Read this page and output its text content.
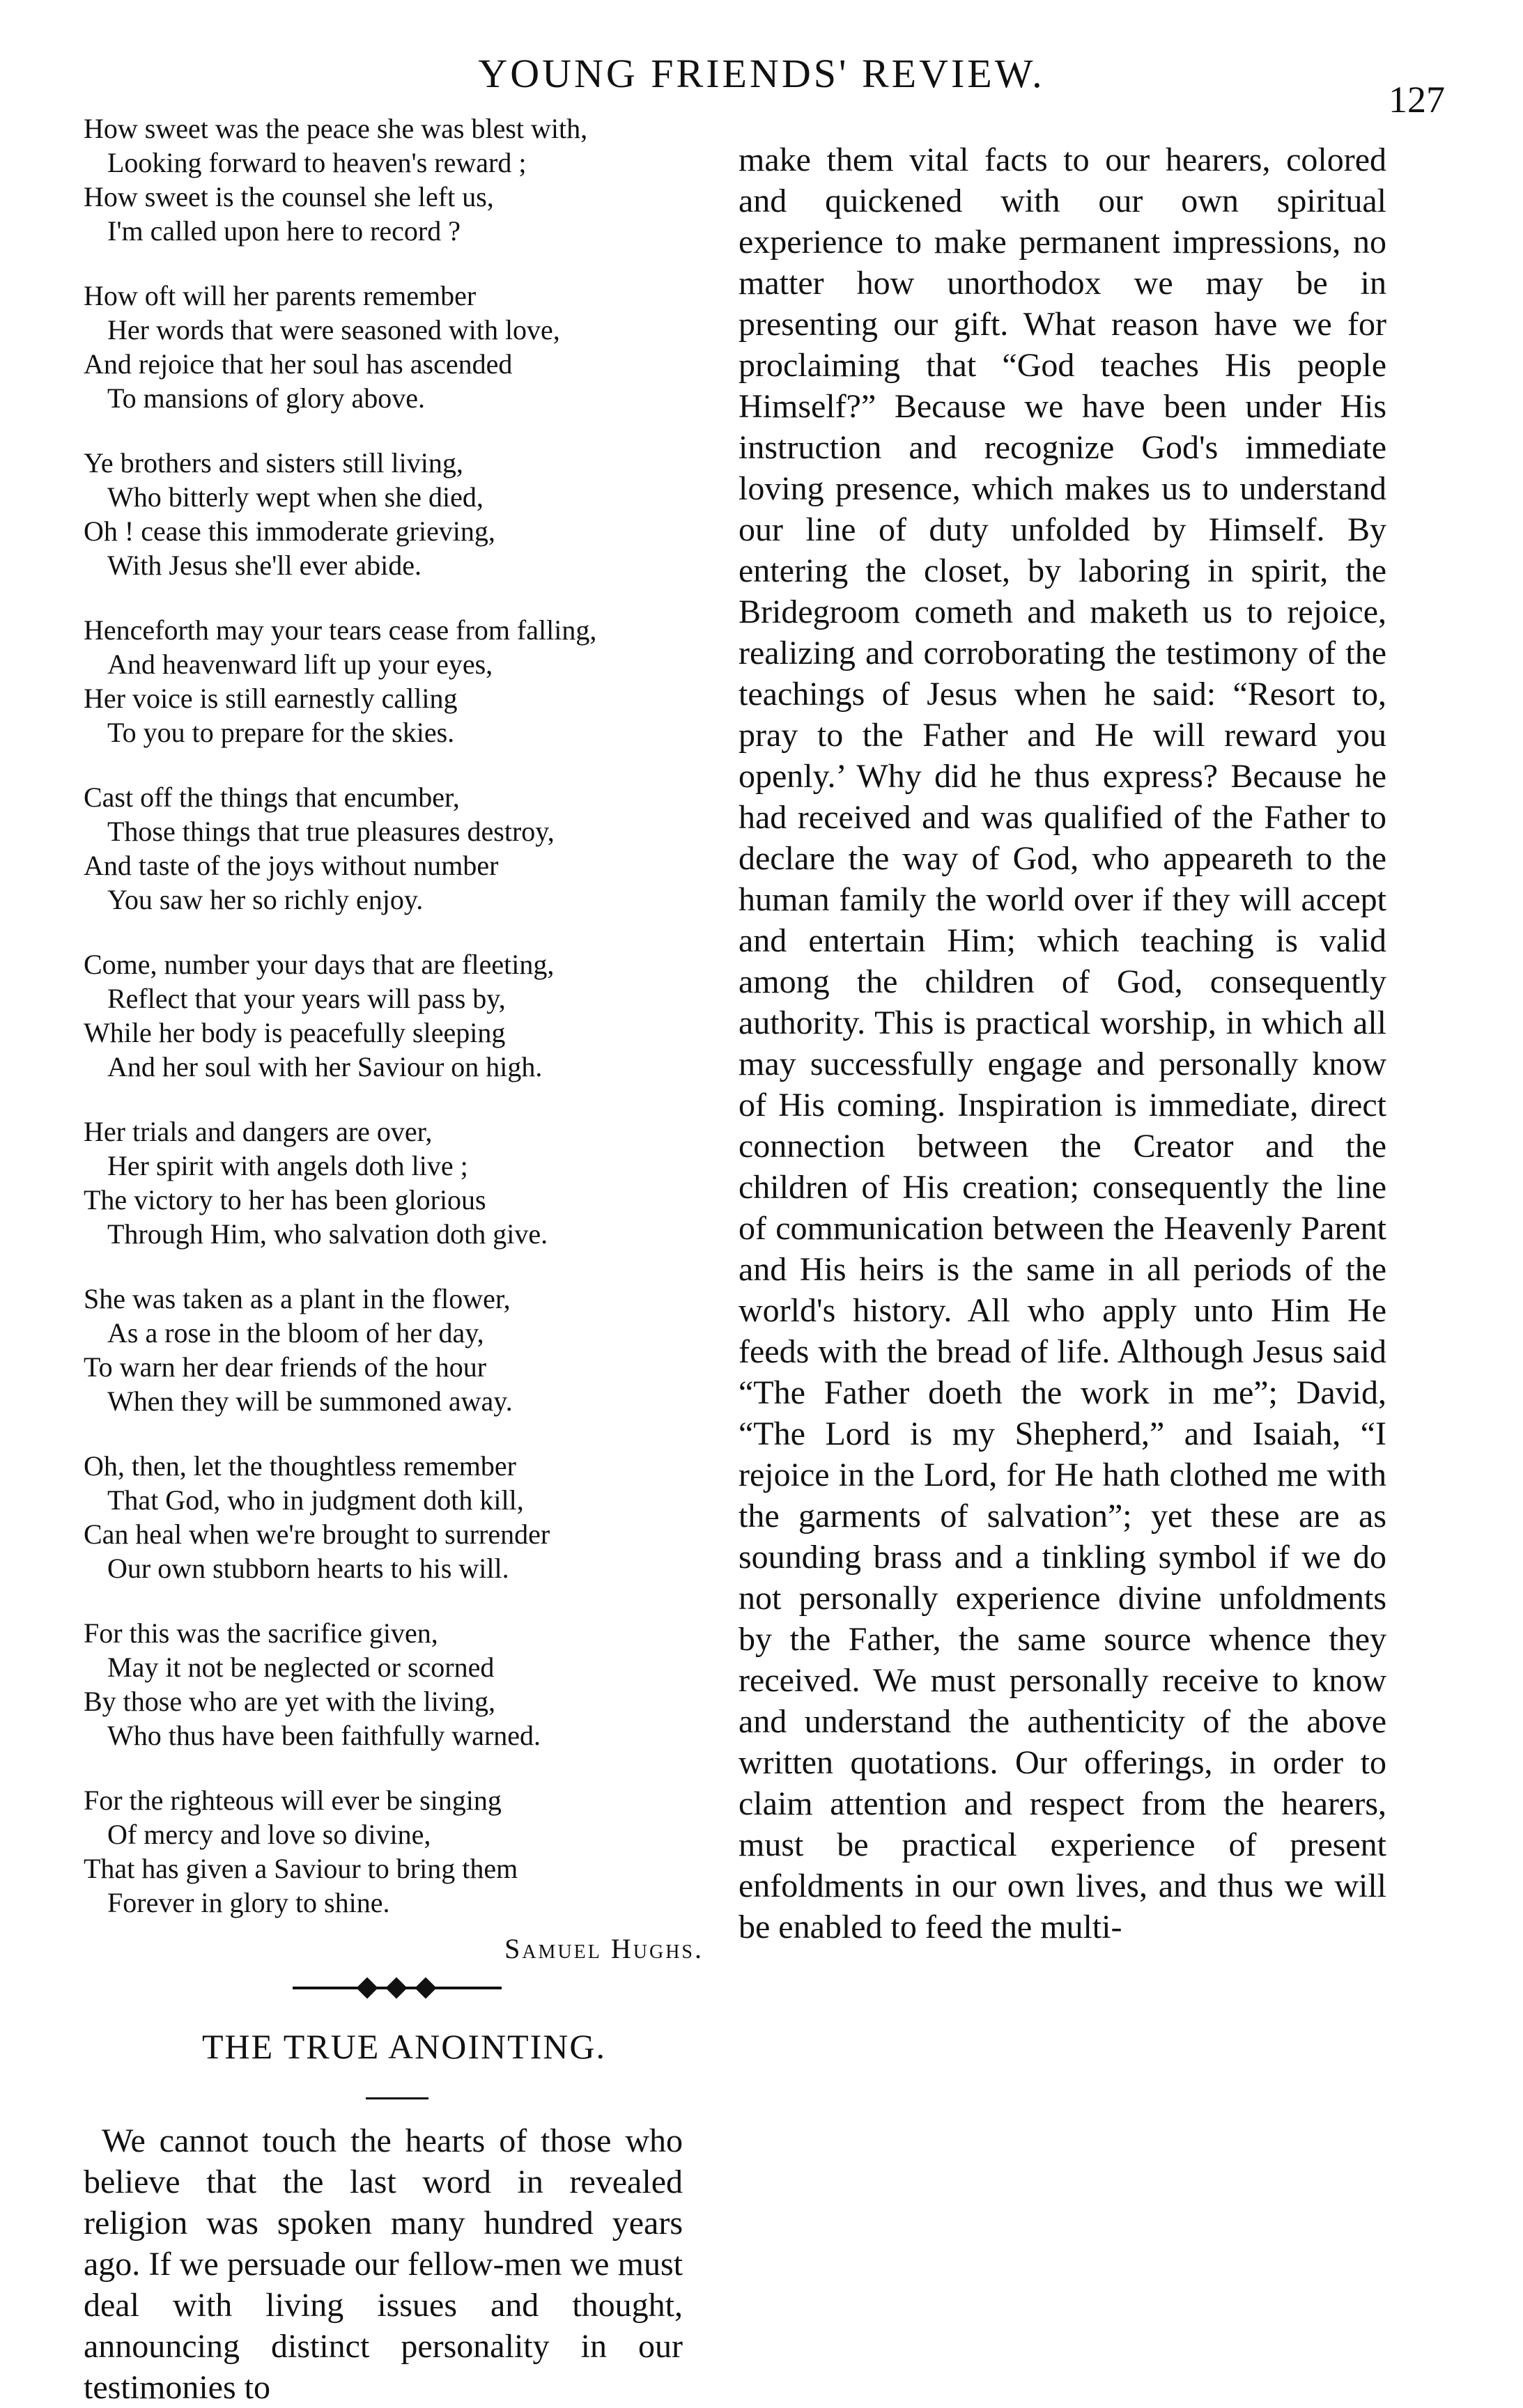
YOUNG FRIENDS' REVIEW.
127
How sweet was the peace she was blest with,
Looking forward to heaven's reward ;
How sweet is the counsel she left us,
I'm called upon here to record ?
How oft will her parents remember
Her words that were seasoned with love,
And rejoice that her soul has ascended
To mansions of glory above.
Ye brothers and sisters still living,
Who bitterly wept when she died,
Oh ! cease this immoderate grieving,
With Jesus she'll ever abide.
Henceforth may your tears cease from falling,
And heavenward lift up your eyes,
Her voice is still earnestly calling
To you to prepare for the skies.
Cast off the things that encumber,
Those things that true pleasures destroy,
And taste of the joys without number
You saw her so richly enjoy.
Come, number your days that are fleeting,
Reflect that your years will pass by,
While her body is peacefully sleeping
And her soul with her Saviour on high.
Her trials and dangers are over,
Her spirit with angels doth live ;
The victory to her has been glorious
Through Him, who salvation doth give.
She was taken as a plant in the flower,
As a rose in the bloom of her day,
To warn her dear friends of the hour
When they will be summoned away.
Oh, then, let the thoughtless remember
That God, who in judgment doth kill,
Can heal when we're brought to surrender
Our own stubborn hearts to his will.
For this was the sacrifice given,
May it not be neglected or scorned
By those who are yet with the living,
Who thus have been faithfully warned.
For the righteous will ever be singing
Of mercy and love so divine,
That has given a Saviour to bring them
Forever in glory to shine.
Samuel Hughs.
THE TRUE ANOINTING.

We cannot touch the hearts of those who believe that the last word in revealed religion was spoken many hundred years ago. If we persuade our fellow-men we must deal with living issues and thought, announcing distinct personality in our testimonies to

make them vital facts to our hearers, colored and quickened with our own spiritual experience to make permanent impressions, no matter how unorthodox we may be in presenting our gift. What reason have we for proclaiming that “God teaches His people Himself?” Because we have been under His instruction and recognize God's immediate loving presence, which makes us to understand our line of duty unfolded by Himself. By entering the closet, by laboring in spirit, the Bridegroom cometh and maketh us to rejoice, realizing and corroborating the testimony of the teachings of Jesus when he said: “Resort to, pray to the Father and He will reward you openly.’ Why did he thus express? Because he had received and was qualified of the Father to declare the way of God, who appeareth to the human family the world over if they will accept and entertain Him; which teaching is valid among the children of God, consequently authority. This is practical worship, in which all may successfully engage and personally know of His coming. Inspiration is immediate, direct connection between the Creator and the children of His creation; consequently the line of communication between the Heavenly Parent and His heirs is the same in all periods of the world's history. All who apply unto Him He feeds with the bread of life. Although Jesus said “The Father doeth the work in me”; David, “The Lord is my Shepherd,” and Isaiah, “I rejoice in the Lord, for He hath clothed me with the garments of salvation”; yet these are as sounding brass and a tinkling symbol if we do not personally experience divine unfoldments by the Father, the same source whence they received. We must personally receive to know and understand the authenticity of the above written quotations. Our offerings, in order to claim attention and respect from the hearers, must be practical experience of present enfoldments in our own lives, and thus we will be enabled to feed the multi-
